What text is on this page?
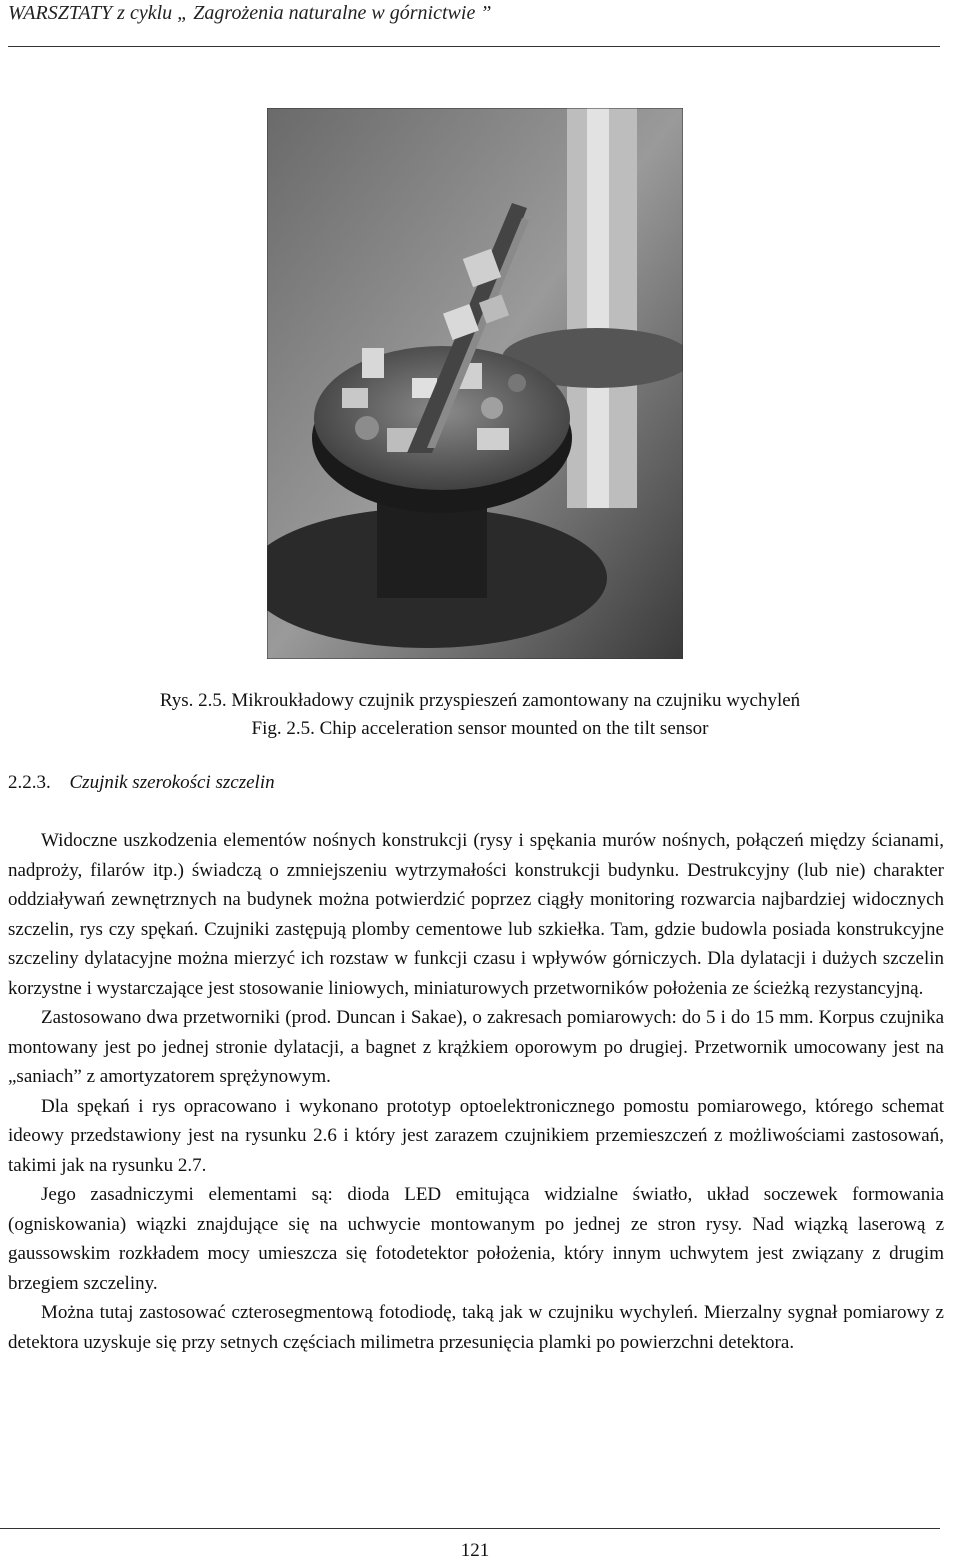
WARSZTATY z cyklu „ Zagrożenia naturalne w górnictwie ”
Rys. 2.5. Mikroukładowy czujnik przyspieszeń zamontowany na czujniku wychyleń
Fig. 2.5. Chip acceleration sensor mounted on the tilt sensor
2.2.3. Czujnik szerokości szczelin

Widoczne uszkodzenia elementów nośnych konstrukcji (rysy i spękania murów nośnych, połączeń między ścianami, nadproży, filarów itp.) świadczą o zmniejszeniu wytrzymałości konstrukcji budynku. Destrukcyjny (lub nie) charakter oddziaływań zewnętrznych na budynek można potwierdzić poprzez ciągły monitoring rozwarcia najbardziej widocznych szczelin, rys czy spękań. Czujniki zastępują plomby cementowe lub szkiełka. Tam, gdzie budowla posiada konstrukcyjne szczeliny dylatacyjne można mierzyć ich rozstaw w funkcji czasu i wpływów górniczych. Dla dylatacji i dużych szczelin korzystne i wystarczające jest stosowanie liniowych, miniaturowych przetworników położenia ze ścieżką rezystancyjną.

Zastosowano dwa przetworniki (prod. Duncan i Sakae), o zakresach pomiarowych: do 5 i do 15 mm. Korpus czujnika montowany jest po jednej stronie dylatacji, a bagnet z krążkiem oporowym po drugiej. Przetwornik umocowany jest na „saniach” z amortyzatorem sprężynowym.

Dla spękań i rys opracowano i wykonano prototyp optoelektronicznego pomostu pomiarowego, którego schemat ideowy przedstawiony jest na rysunku 2.6 i który jest zarazem czujnikiem przemieszczeń z możliwościami zastosowań, takimi jak na rysunku 2.7.

Jego zasadniczymi elementami są: dioda LED emitująca widzialne światło, układ soczewek formowania (ogniskowania) wiązki znajdujące się na uchwycie montowanym po jednej ze stron rysy. Nad wiązką laserową z gaussowskim rozkładem mocy umieszcza się fotodetektor położenia, który innym uchwytem jest związany z drugim brzegiem szczeliny.

Można tutaj zastosować czterosegmentową fotodiodę, taką jak w czujniku wychyleń. Mierzalny sygnał pomiarowy z detektora uzyskuje się przy setnych częściach milimetra przesunięcia plamki po powierzchni detektora.

121
